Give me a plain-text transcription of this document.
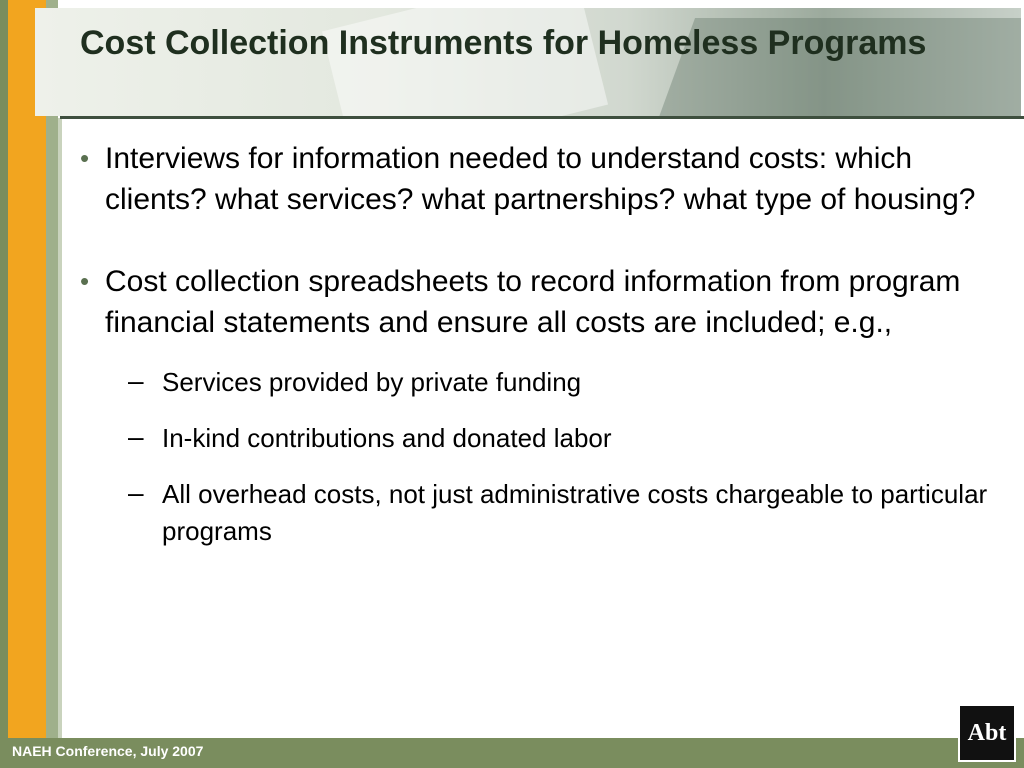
Cost Collection Instruments for Homeless Programs
• Interviews for information needed to understand costs: which clients? what services? what partnerships? what type of housing?
• Cost collection spreadsheets to record information from program financial statements and ensure all costs are included; e.g.,
– Services provided by private funding
– In-kind contributions and donated labor
– All overhead costs, not just administrative costs chargeable to particular programs
NAEH Conference, July 2007
Abt
